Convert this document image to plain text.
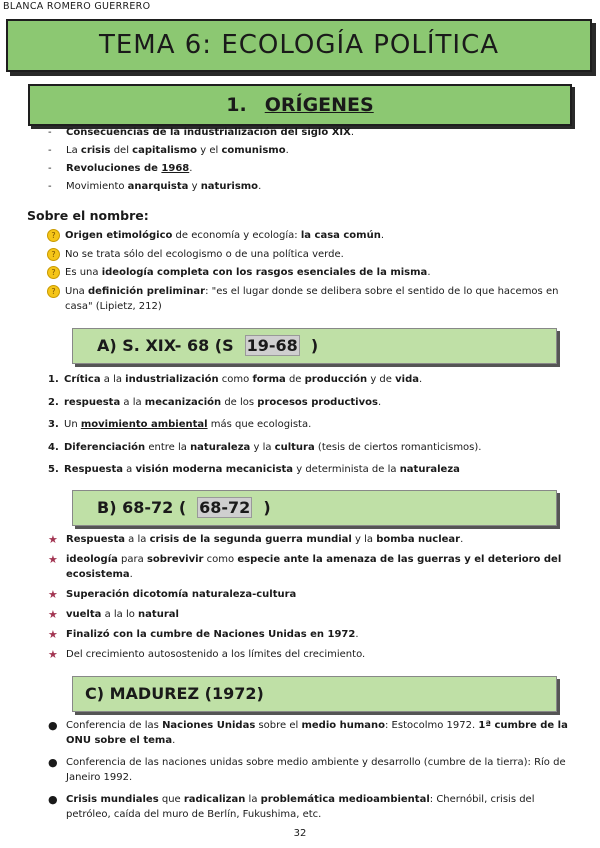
BLANCA ROMERO GUERRERO
TEMA 6: ECOLOGÍA POLÍTICA
1. ORÍGENES
- Consecuencias de la industrialización del siglo XIX.
- La crisis del capitalismo y el comunismo.
- Revoluciones de 1968.
- Movimiento anarquista y naturismo.
Sobre el nombre:
? Origen etimológico de economía y ecología: la casa común.
? No se trata sólo del ecologismo o de una política verde.
? Es una ideología completa con los rasgos esenciales de la misma.
? Una definición preliminar: "es el lugar donde se delibera sobre el sentido de lo que hacemos en casa" (Lipietz, 212)
A) S. XIX- 68 (S 19-68 )
1. Crítica a la industrialización como forma de producción y de vida.
2. respuesta a la mecanización de los procesos productivos.
3. Un movimiento ambiental más que ecologista.
4. Diferenciación entre la naturaleza y la cultura (tesis de ciertos romanticismos).
5. Respuesta a visión moderna mecanicista y determinista de la naturaleza
B) 68-72 ( 68-72 )
★ Respuesta a la crisis de la segunda guerra mundial y la bomba nuclear.
★ ideología para sobrevivir como especie ante la amenaza de las guerras y el deterioro del ecosistema.
★ Superación dicotomía naturaleza-cultura
★ vuelta a la lo natural
★ Finalizó con la cumbre de Naciones Unidas en 1972.
★ Del crecimiento autosostenido a los límites del crecimiento.
C) MADUREZ (1972)
● Conferencia de las Naciones Unidas sobre el medio humano: Estocolmo 1972. 1ª cumbre de la ONU sobre el tema.
● Conferencia de las naciones unidas sobre medio ambiente y desarrollo (cumbre de la tierra): Río de Janeiro 1992.
● Crisis mundiales que radicalizan la problemática medioambiental: Chernóbil, crisis del petróleo, caída del muro de Berlín, Fukushima, etc.
32
